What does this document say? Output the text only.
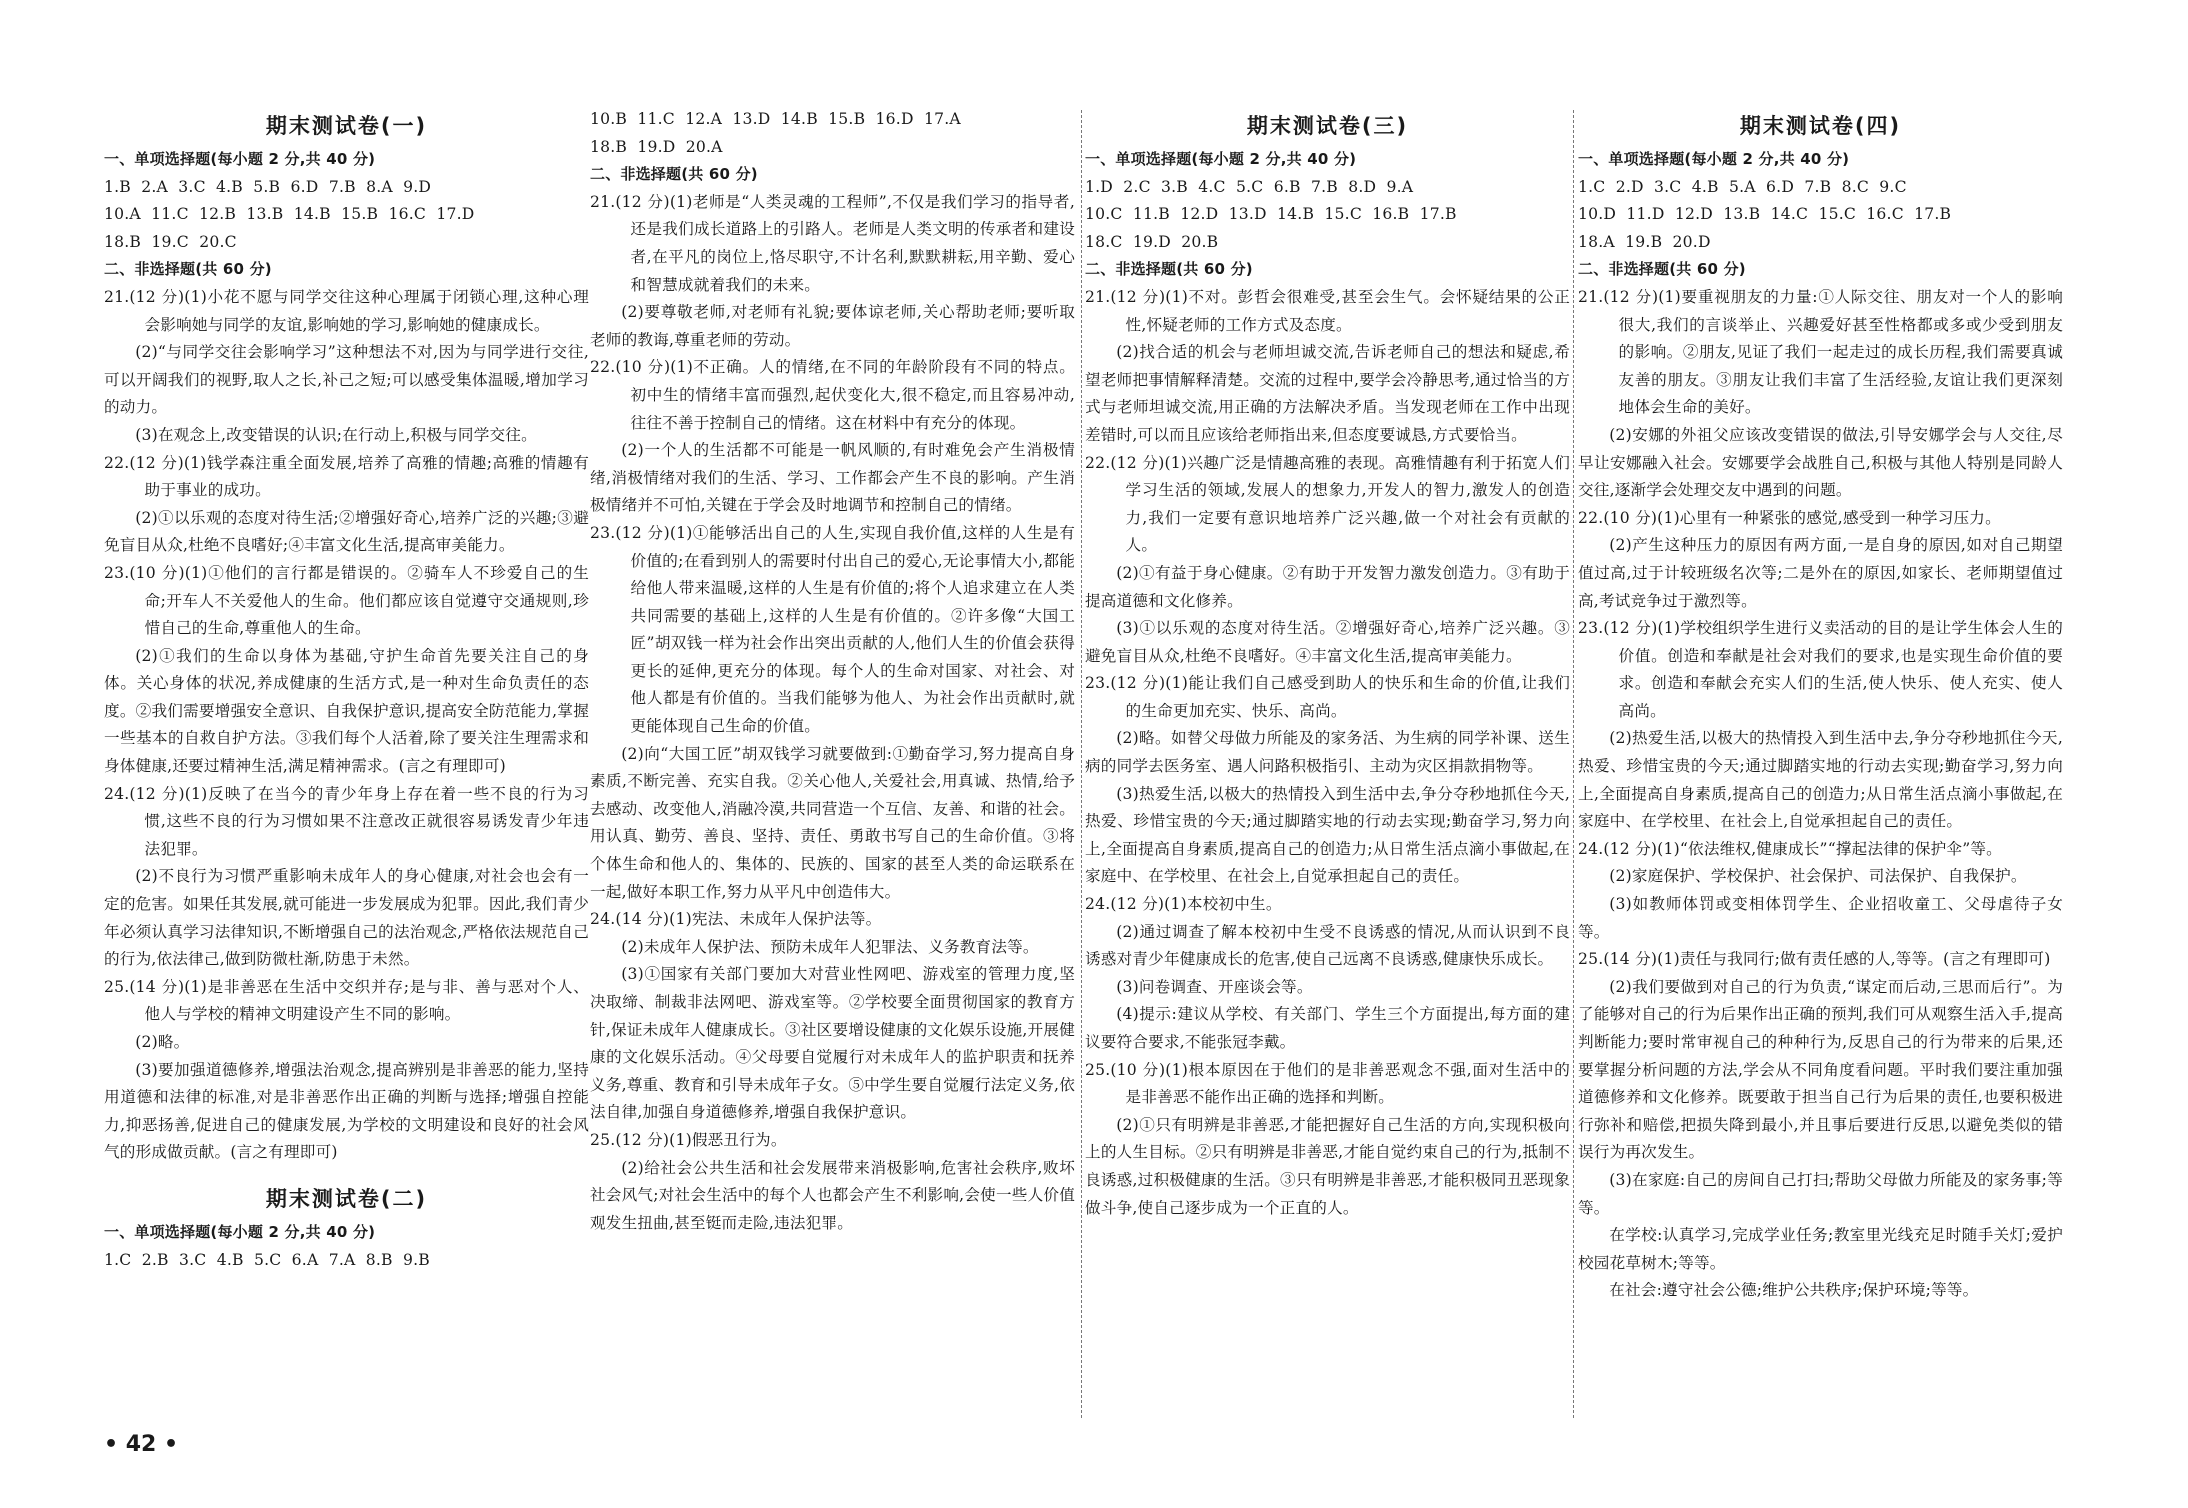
期末测试卷(一)

一、单项选择题(每小题 2 分,共 40 分)

1.B  2.A  3.C  4.B  5.B  6.D  7.B  8.A  9.D

10.A  11.C  12.B  13.B  14.B  15.B  16.C  17.D

18.B  19.C  20.C

二、非选择题(共 60 分)

21.(12 分)(1)小花不愿与同学交往这种心理属于闭锁心理,这种心理会影响她与同学的友谊,影响她的学习,影响她的健康成长。

(2)“与同学交往会影响学习”这种想法不对,因为与同学进行交往,可以开阔我们的视野,取人之长,补己之短;可以感受集体温暖,增加学习的动力。

(3)在观念上,改变错误的认识;在行动上,积极与同学交往。

22.(12 分)(1)钱学森注重全面发展,培养了高雅的情趣;高雅的情趣有助于事业的成功。

(2)①以乐观的态度对待生活;②增强好奇心,培养广泛的兴趣;③避免盲目从众,杜绝不良嗜好;④丰富文化生活,提高审美能力。

23.(10 分)(1)①他们的言行都是错误的。②骑车人不珍爱自己的生命;开车人不关爱他人的生命。他们都应该自觉遵守交通规则,珍惜自己的生命,尊重他人的生命。

(2)①我们的生命以身体为基础,守护生命首先要关注自己的身体。关心身体的状况,养成健康的生活方式,是一种对生命负责任的态度。②我们需要增强安全意识、自我保护意识,提高安全防范能力,掌握一些基本的自救自护方法。③我们每个人活着,除了要关注生理需求和身体健康,还要过精神生活,满足精神需求。(言之有理即可)

24.(12 分)(1)反映了在当今的青少年身上存在着一些不良的行为习惯,这些不良的行为习惯如果不注意改正就很容易诱发青少年违法犯罪。

(2)不良行为习惯严重影响未成年人的身心健康,对社会也会有一定的危害。如果任其发展,就可能进一步发展成为犯罪。因此,我们青少年必须认真学习法律知识,不断增强自己的法治观念,严格依法规范自己的行为,依法律己,做到防微杜渐,防患于未然。

25.(14 分)(1)是非善恶在生活中交织并存;是与非、善与恶对个人、他人与学校的精神文明建设产生不同的影响。

(2)略。

(3)要加强道德修养,增强法治观念,提高辨别是非善恶的能力,坚持用道德和法律的标准,对是非善恶作出正确的判断与选择;增强自控能力,抑恶扬善,促进自己的健康发展,为学校的文明建设和良好的社会风气的形成做贡献。(言之有理即可)

期末测试卷(二)

一、单项选择题(每小题 2 分,共 40 分)

1.C  2.B  3.C  4.B  5.C  6.A  7.A  8.B  9.B

10.B  11.C  12.A  13.D  14.B  15.B  16.D  17.A

18.B  19.D  20.A

二、非选择题(共 60 分)

21.(12 分)(1)老师是“人类灵魂的工程师”,不仅是我们学习的指导者,还是我们成长道路上的引路人。老师是人类文明的传承者和建设者,在平凡的岗位上,恪尽职守,不计名利,默默耕耘,用辛勤、爱心和智慧成就着我们的未来。

(2)要尊敬老师,对老师有礼貌;要体谅老师,关心帮助老师;要听取老师的教诲,尊重老师的劳动。

22.(10 分)(1)不正确。人的情绪,在不同的年龄阶段有不同的特点。初中生的情绪丰富而强烈,起伏变化大,很不稳定,而且容易冲动,往往不善于控制自己的情绪。这在材料中有充分的体现。

(2)一个人的生活都不可能是一帆风顺的,有时难免会产生消极情绪,消极情绪对我们的生活、学习、工作都会产生不良的影响。产生消极情绪并不可怕,关键在于学会及时地调节和控制自己的情绪。

23.(12 分)(1)①能够活出自己的人生,实现自我价值,这样的人生是有价值的;在看到别人的需要时付出自己的爱心,无论事情大小,都能给他人带来温暖,这样的人生是有价值的;将个人追求建立在人类共同需要的基础上,这样的人生是有价值的。②许多像“大国工匠”胡双钱一样为社会作出突出贡献的人,他们人生的价值会获得更长的延伸,更充分的体现。每个人的生命对国家、对社会、对他人都是有价值的。当我们能够为他人、为社会作出贡献时,就更能体现自己生命的价值。

(2)向“大国工匠”胡双钱学习就要做到:①勤奋学习,努力提高自身素质,不断完善、充实自我。②关心他人,关爱社会,用真诚、热情,给予去感动、改变他人,消融冷漠,共同营造一个互信、友善、和谐的社会。用认真、勤劳、善良、坚持、责任、勇敢书写自己的生命价值。③将个体生命和他人的、集体的、民族的、国家的甚至人类的命运联系在一起,做好本职工作,努力从平凡中创造伟大。

24.(14 分)(1)宪法、未成年人保护法等。

(2)未成年人保护法、预防未成年人犯罪法、义务教育法等。

(3)①国家有关部门要加大对营业性网吧、游戏室的管理力度,坚决取缔、制裁非法网吧、游戏室等。②学校要全面贯彻国家的教育方针,保证未成年人健康成长。③社区要增设健康的文化娱乐设施,开展健康的文化娱乐活动。④父母要自觉履行对未成年人的监护职责和抚养义务,尊重、教育和引导未成年子女。⑤中学生要自觉履行法定义务,依法自律,加强自身道德修养,增强自我保护意识。

25.(12 分)(1)假恶丑行为。

(2)给社会公共生活和社会发展带来消极影响,危害社会秩序,败坏社会风气;对社会生活中的每个人也都会产生不利影响,会使一些人价值观发生扭曲,甚至铤而走险,违法犯罪。

期末测试卷(三)

一、单项选择题(每小题 2 分,共 40 分)

1.D  2.C  3.B  4.C  5.C  6.B  7.B  8.D  9.A

10.C  11.B  12.D  13.D  14.B  15.C  16.B  17.B

18.C  19.D  20.B

二、非选择题(共 60 分)

21.(12 分)(1)不对。彭哲会很难受,甚至会生气。会怀疑结果的公正性,怀疑老师的工作方式及态度。

(2)找合适的机会与老师坦诚交流,告诉老师自己的想法和疑虑,希望老师把事情解释清楚。交流的过程中,要学会冷静思考,通过恰当的方式与老师坦诚交流,用正确的方法解决矛盾。当发现老师在工作中出现差错时,可以而且应该给老师指出来,但态度要诚恳,方式要恰当。

22.(12 分)(1)兴趣广泛是情趣高雅的表现。高雅情趣有利于拓宽人们学习生活的领域,发展人的想象力,开发人的智力,激发人的创造力,我们一定要有意识地培养广泛兴趣,做一个对社会有贡献的人。

(2)①有益于身心健康。②有助于开发智力激发创造力。③有助于提高道德和文化修养。

(3)①以乐观的态度对待生活。②增强好奇心,培养广泛兴趣。③避免盲目从众,杜绝不良嗜好。④丰富文化生活,提高审美能力。

23.(12 分)(1)能让我们自己感受到助人的快乐和生命的价值,让我们的生命更加充实、快乐、高尚。

(2)略。如替父母做力所能及的家务活、为生病的同学补课、送生病的同学去医务室、遇人问路积极指引、主动为灾区捐款捐物等。

(3)热爱生活,以极大的热情投入到生活中去,争分夺秒地抓住今天,热爱、珍惜宝贵的今天;通过脚踏实地的行动去实现;勤奋学习,努力向上,全面提高自身素质,提高自己的创造力;从日常生活点滴小事做起,在家庭中、在学校里、在社会上,自觉承担起自己的责任。

24.(12 分)(1)本校初中生。

(2)通过调查了解本校初中生受不良诱惑的情况,从而认识到不良诱惑对青少年健康成长的危害,使自己远离不良诱惑,健康快乐成长。

(3)问卷调查、开座谈会等。

(4)提示:建议从学校、有关部门、学生三个方面提出,每方面的建议要符合要求,不能张冠李戴。

25.(10 分)(1)根本原因在于他们的是非善恶观念不强,面对生活中的是非善恶不能作出正确的选择和判断。

(2)①只有明辨是非善恶,才能把握好自己生活的方向,实现积极向上的人生目标。②只有明辨是非善恶,才能自觉约束自己的行为,抵制不良诱惑,过积极健康的生活。③只有明辨是非善恶,才能积极同丑恶现象做斗争,使自己逐步成为一个正直的人。

期末测试卷(四)

一、单项选择题(每小题 2 分,共 40 分)

1.C  2.D  3.C  4.B  5.A  6.D  7.B  8.C  9.C

10.D  11.D  12.D  13.B  14.C  15.C  16.C  17.B

18.A  19.B  20.D

二、非选择题(共 60 分)

21.(12 分)(1)要重视朋友的力量:①人际交往、朋友对一个人的影响很大,我们的言谈举止、兴趣爱好甚至性格都或多或少受到朋友的影响。②朋友,见证了我们一起走过的成长历程,我们需要真诚友善的朋友。③朋友让我们丰富了生活经验,友谊让我们更深刻地体会生命的美好。

(2)安娜的外祖父应该改变错误的做法,引导安娜学会与人交往,尽早让安娜融入社会。安娜要学会战胜自己,积极与其他人特别是同龄人交往,逐渐学会处理交友中遇到的问题。

22.(10 分)(1)心里有一种紧张的感觉,感受到一种学习压力。

(2)产生这种压力的原因有两方面,一是自身的原因,如对自己期望值过高,过于计较班级名次等;二是外在的原因,如家长、老师期望值过高,考试竞争过于激烈等。

23.(12 分)(1)学校组织学生进行义卖活动的目的是让学生体会人生的价值。创造和奉献是社会对我们的要求,也是实现生命价值的要求。创造和奉献会充实人们的生活,使人快乐、使人充实、使人高尚。

(2)热爱生活,以极大的热情投入到生活中去,争分夺秒地抓住今天,热爱、珍惜宝贵的今天;通过脚踏实地的行动去实现;勤奋学习,努力向上,全面提高自身素质,提高自己的创造力;从日常生活点滴小事做起,在家庭中、在学校里、在社会上,自觉承担起自己的责任。

24.(12 分)(1)“依法维权,健康成长”“撑起法律的保护伞”等。

(2)家庭保护、学校保护、社会保护、司法保护、自我保护。

(3)如教师体罚或变相体罚学生、企业招收童工、父母虐待子女等。

25.(14 分)(1)责任与我同行;做有责任感的人,等等。(言之有理即可)

(2)我们要做到对自己的行为负责,“谋定而后动,三思而后行”。为了能够对自己的行为后果作出正确的预判,我们可从观察生活入手,提高判断能力;要时常审视自己的种种行为,反思自己的行为带来的后果,还要掌握分析问题的方法,学会从不同角度看问题。平时我们要注重加强道德修养和文化修养。既要敢于担当自己行为后果的责任,也要积极进行弥补和赔偿,把损失降到最小,并且事后要进行反思,以避免类似的错误行为再次发生。

(3)在家庭:自己的房间自己打扫;帮助父母做力所能及的家务事;等等。

在学校:认真学习,完成学业任务;教室里光线充足时随手关灯;爱护校园花草树木;等等。

在社会:遵守社会公德;维护公共秩序;保护环境;等等。

• 42 •
